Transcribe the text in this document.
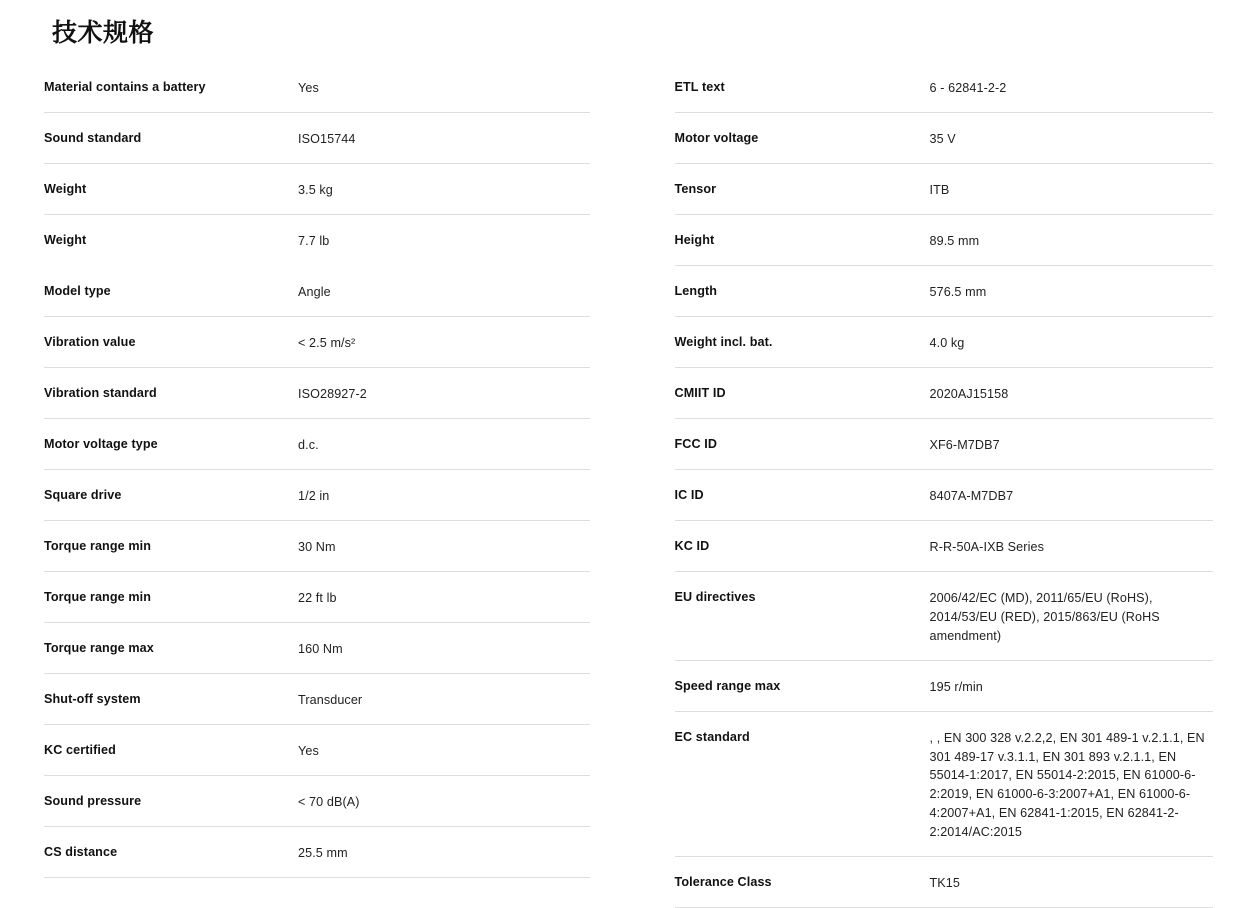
技术规格
Material contains a battery	Yes
Sound standard	ISO15744
Weight	3.5 kg
Weight	7.7 lb
Model type	Angle
Vibration value	< 2.5 m/s²
Vibration standard	ISO28927-2
Motor voltage type	d.c.
Square drive	1/2 in
Torque range min	30 Nm
Torque range min	22 ft lb
Torque range max	160 Nm
Shut-off system	Transducer
KC certified	Yes
Sound pressure	< 70 dB(A)
CS distance	25.5 mm
ETL text	6 - 62841-2-2
Motor voltage	35 V
Tensor	ITB
Height	89.5 mm
Length	576.5 mm
Weight incl. bat.	4.0 kg
CMIIT ID	2020AJ15158
FCC ID	XF6-M7DB7
IC ID	8407A-M7DB7
KC ID	R-R-50A-IXB Series
EU directives	2006/42/EC (MD), 2011/65/EU (RoHS), 2014/53/EU (RED), 2015/863/EU (RoHS amendment)
Speed range max	195 r/min
EC standard	, , EN 300 328 v.2.2,2, EN 301 489-1 v.2.1.1, EN 301 489-17 v.3.1.1, EN 301 893 v.2.1.1, EN 55014-1:2017, EN 55014-2:2015, EN 61000-6-2:2019, EN 61000-6-3:2007+A1, EN 61000-6-4:2007+A1, EN 62841-1:2015, EN 62841-2-2:2014/AC:2015
Tolerance Class	TK15
